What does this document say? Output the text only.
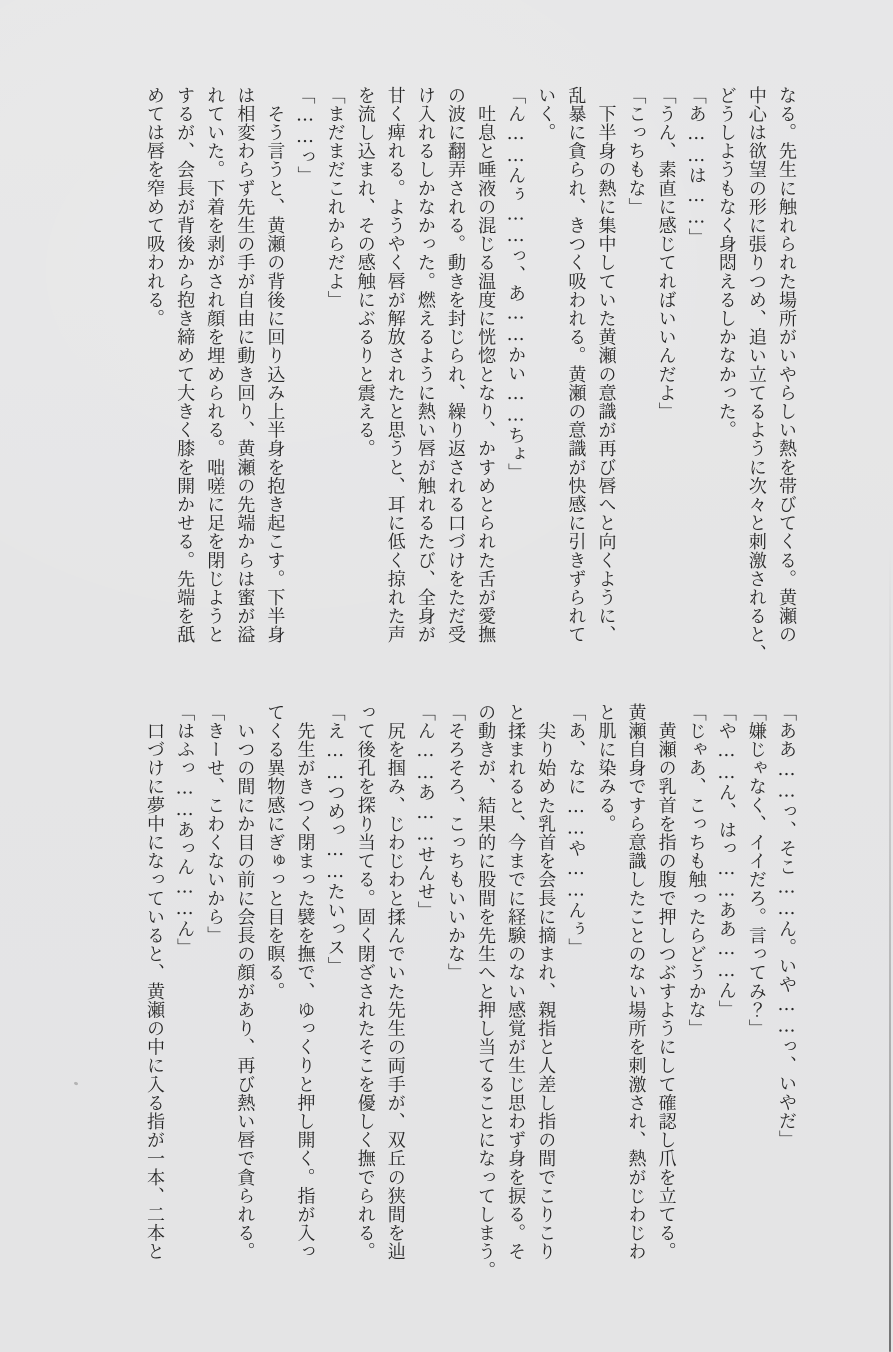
なる。先生に触れられた場所がいやらしい熱を帯びてくる。黄瀬の
中心は欲望の形に張りつめ、追い立てるように次々と刺激されると、
どうしようもなく身悶えるしかなかった。
「あ……は……」
「うん、素直に感じてればいいんだよ」
「こっちもな」
　下半身の熱に集中していた黄瀬の意識が再び唇へと向くように、
乱暴に貪られ、きつく吸われる。黄瀬の意識が快感に引きずられて
いく。
「ん……んぅ……っ、あ……かい……ちょ」
　吐息と唾液の混じる温度に恍惚となり、かすめとられた舌が愛撫
の波に翻弄される。動きを封じられ、繰り返される口づけをただ受
け入れるしかなかった。燃えるように熱い唇が触れるたび、全身が
甘く痺れる。ようやく唇が解放されたと思うと、耳に低く掠れた声
を流し込まれ、その感触にぶるりと震える。
「まだまだこれからだよ」
「……っ」
　そう言うと、黄瀬の背後に回り込み上半身を抱き起こす。下半身
は相変わらず先生の手が自由に動き回り、黄瀬の先端からは蜜が溢
れていた。下着を剥がされ顔を埋められる。咄嗟に足を閉じようと
するが、会長が背後から抱き締めて大きく膝を開かせる。先端を舐
めては唇を窄めて吸われる。
「ああ……っ、そこ……ん。いや……っ、いやだ」
「嫌じゃなく、イイだろ。言ってみ？」
「や……ん、はっ……ああ……ん」
「じゃあ、こっちも触ったらどうかな」
　黄瀬の乳首を指の腹で押しつぶすようにして確認し爪を立てる。
黄瀬自身ですら意識したことのない場所を刺激され、熱がじわじわ
と肌に染みる。
「あ、なに……や……んぅ」
　尖り始めた乳首を会長に摘まれ、親指と人差し指の間でこりこり
と揉まれると、今までに経験のない感覚が生じ思わず身を捩る。そ
の動きが、結果的に股間を先生へと押し当てることになってしまう。
「そろそろ、こっちもいいかな」
「ん……あ……せんせ」
　尻を掴み、じわじわと揉んでいた先生の両手が、双丘の狭間を辿
って後孔を探り当てる。固く閉ざされたそこを優しく撫でられる。
「え……つめっ……たいっス」
　先生がきつく閉まった襞を撫で、ゆっくりと押し開く。指が入っ
てくる異物感にぎゅっと目を瞑る。
　いつの間にか目の前に会長の顔があり、再び熱い唇で貪られる。
「きーせ、こわくないから」
「はふっ……あっん……ん」
　口づけに夢中になっていると、黄瀬の中に入る指が一本、二本と
